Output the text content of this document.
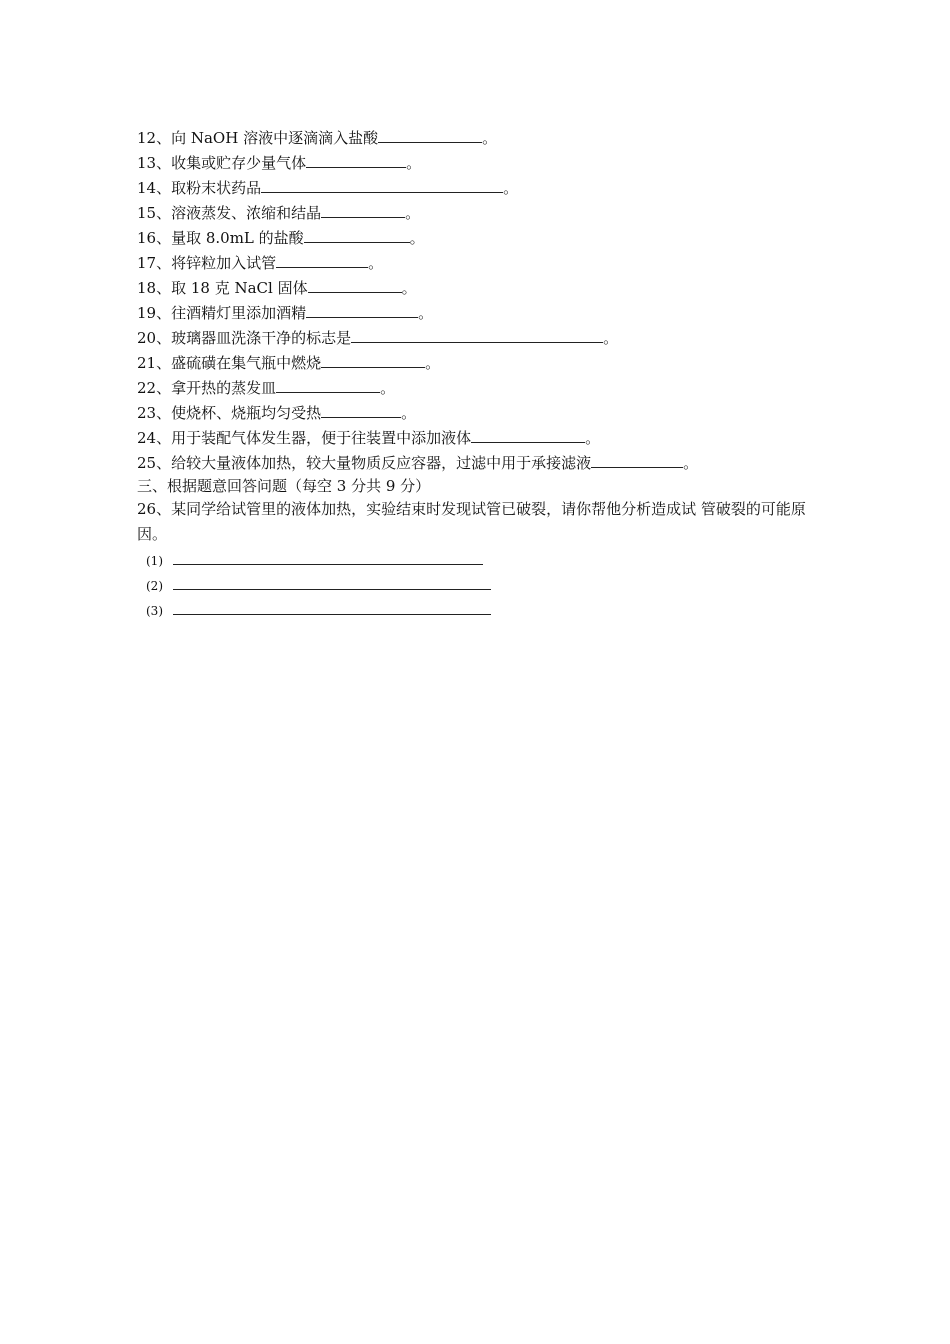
12、向 NaOH 溶液中逐滴滴入盐酸	。
13、收集或贮存少量气体	。
14、取粉末状药品	。
15、溶液蒸发、浓缩和结晶	。
16、量取 8.0mL 的盐酸	。
17、将锌粒加入试管	。
18、取 18 克 NaCl 固体	。
19、往酒精灯里添加酒精	。
20、玻璃器皿洗涤干净的标志是	。
21、盛硫磺在集气瓶中燃烧	。
22、拿开热的蒸发皿	。
23、使烧杯、烧瓶均匀受热	。
24、用于装配气体发生器，便于往装置中添加液体	。
25、给较大量液体加热，较大量物质反应容器，过滤中用于承接滤液	。
三、根据题意回答问题（每空 3 分共 9 分）
26、某同学给试管里的液体加热，实验结束时发现试管已破裂，请你帮他分析造成试 管破裂的可能原因。
(1)
(2)
(3)
